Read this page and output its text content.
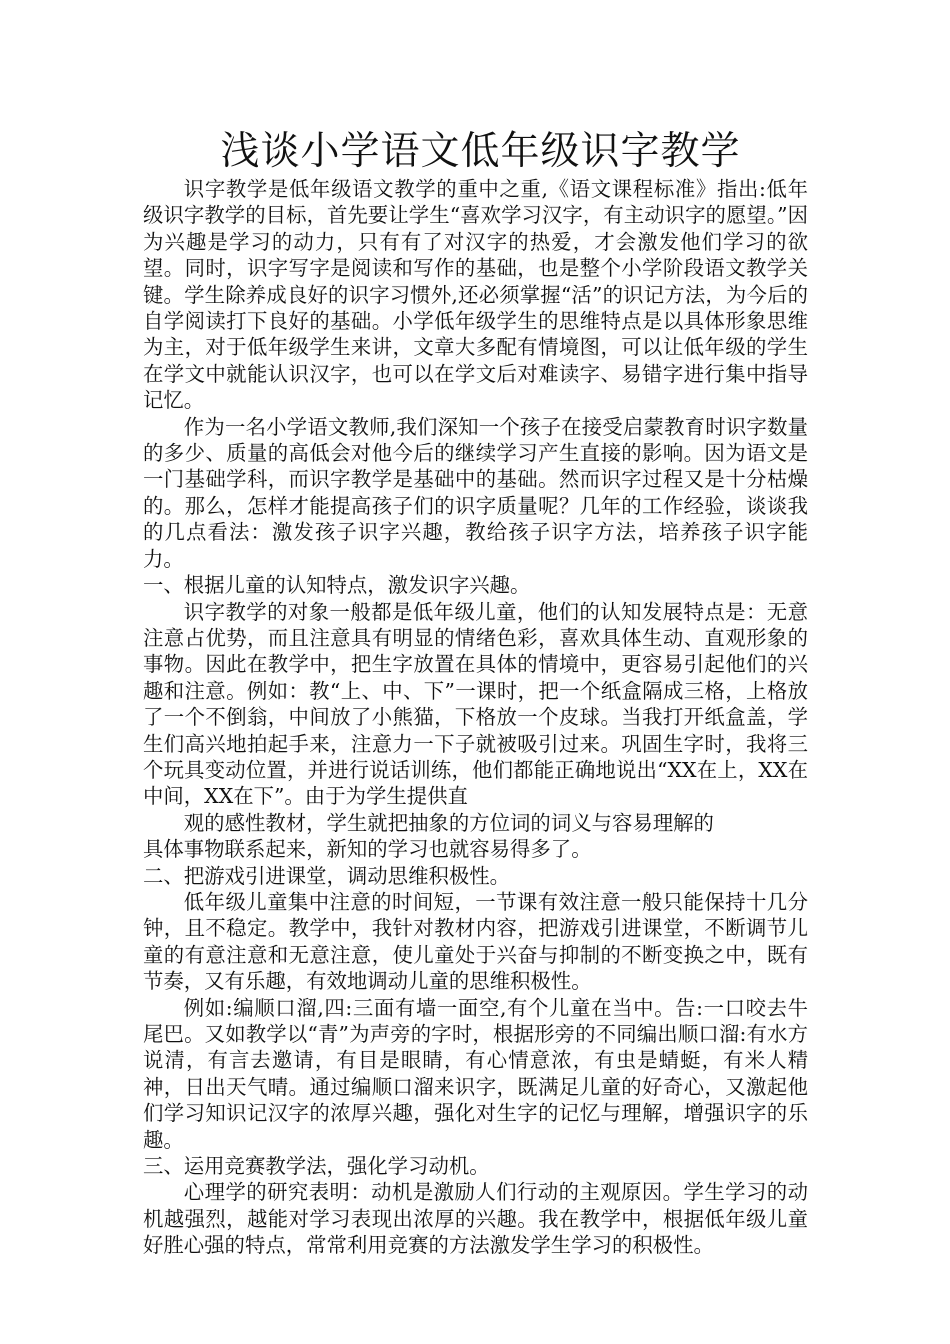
浅谈小学语文低年级识字教学

识字教学是低年级语文教学的重中之重,《语文课程标准》指出:低年级识字教学的目标，首先要让学生“喜欢学习汉字，有主动识字的愿望。”因为兴趣是学习的动力，只有有了对汉字的热爱，才会激发他们学习的欲望。同时，识字写字是阅读和写作的基础，也是整个小学阶段语文教学关键。学生除养成良好的识字习惯外,还必须掌握“活”的识记方法，为今后的自学阅读打下良好的基础。小学低年级学生的思维特点是以具体形象思维为主，对于低年级学生来讲，文章大多配有情境图，可以让低年级的学生在学文中就能认识汉字，也可以在学文后对难读字、易错字进行集中指导记忆。

作为一名小学语文教师,我们深知一个孩子在接受启蒙教育时识字数量的多少、质量的高低会对他今后的继续学习产生直接的影响。因为语文是一门基础学科，而识字教学是基础中的基础。然而识字过程又是十分枯燥的。那么，怎样才能提高孩子们的识字质量呢？几年的工作经验，谈谈我的几点看法：激发孩子识字兴趣，教给孩子识字方法，培养孩子识字能力。

一、根据儿童的认知特点，激发识字兴趣。

识字教学的对象一般都是低年级儿童，他们的认知发展特点是：无意注意占优势，而且注意具有明显的情绪色彩，喜欢具体生动、直观形象的事物。因此在教学中，把生字放置在具体的情境中，更容易引起他们的兴趣和注意。例如：教“上、中、下”一课时，把一个纸盒隔成三格，上格放了一个不倒翁，中间放了小熊猫，下格放一个皮球。当我打开纸盒盖，学生们高兴地拍起手来，注意力一下子就被吸引过来。巩固生字时，我将三个玩具变动位置，并进行说话训练，他们都能正确地说出“XX在上，XX在中间，XX在下”。由于为学生提供直

观的感性教材，学生就把抽象的方位词的词义与容易理解的

具体事物联系起来，新知的学习也就容易得多了。

二、把游戏引进课堂，调动思维积极性。

低年级儿童集中注意的时间短，一节课有效注意一般只能保持十几分钟，且不稳定。教学中，我针对教材内容，把游戏引进课堂，不断调节儿童的有意注意和无意注意，使儿童处于兴奋与抑制的不断变换之中，既有节奏，又有乐趣，有效地调动儿童的思维积极性。

例如:编顺口溜,四:三面有墙一面空,有个儿童在当中。告:一口咬去牛尾巴。又如教学以“青”为声旁的字时，根据形旁的不同编出顺口溜:有水方说清，有言去邀请，有目是眼睛，有心情意浓，有虫是蜻蜓，有米人精神，日出天气晴。通过编顺口溜来识字，既满足儿童的好奇心，又激起他们学习知识记汉字的浓厚兴趣，强化对生字的记忆与理解，增强识字的乐趣。

三、运用竞赛教学法，强化学习动机。

心理学的研究表明：动机是激励人们行动的主观原因。学生学习的动机越强烈，越能对学习表现出浓厚的兴趣。我在教学中，根据低年级儿童好胜心强的特点，常常利用竞赛的方法激发学生学习的积极性。
